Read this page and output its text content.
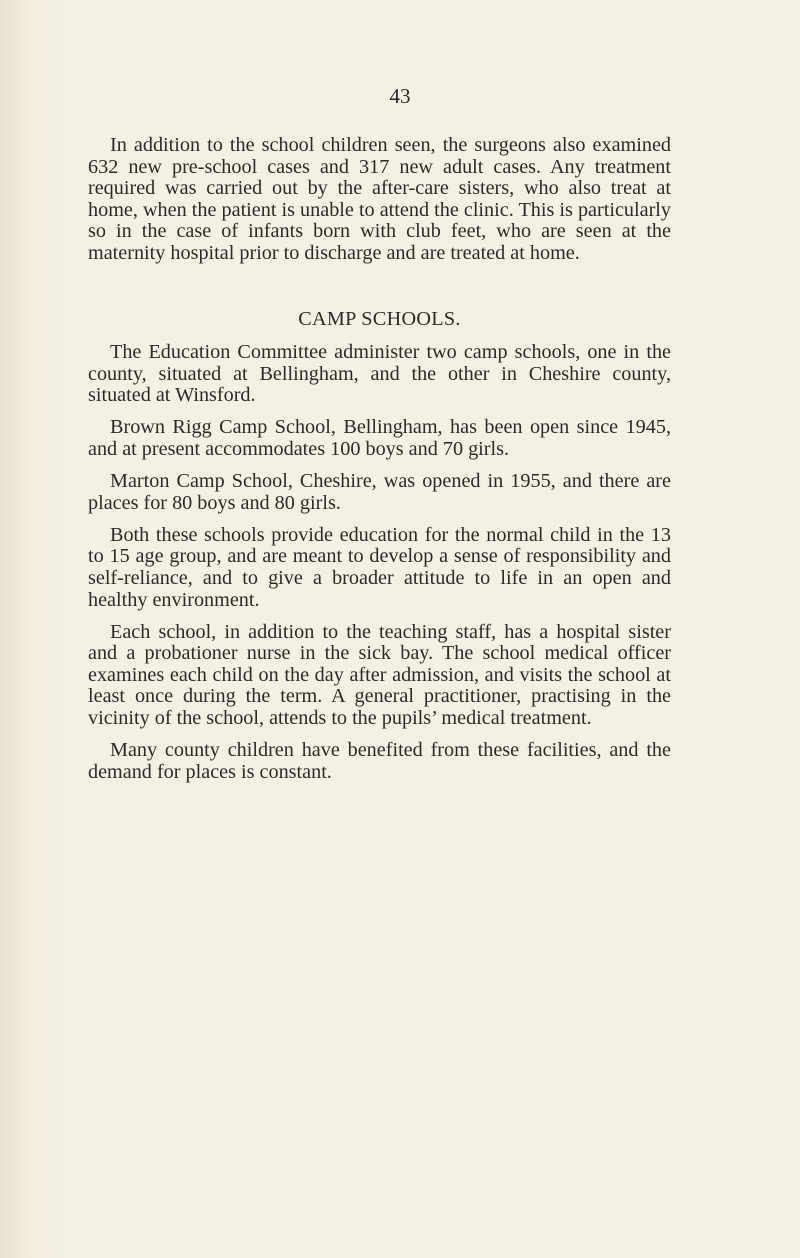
43

In addition to the school children seen, the surgeons also examined 632 new pre-school cases and 317 new adult cases. Any treatment required was carried out by the after-care sisters, who also treat at home, when the patient is unable to attend the clinic. This is particularly so in the case of infants born with club feet, who are seen at the maternity hospital prior to discharge and are treated at home.

CAMP SCHOOLS.

The Education Committee administer two camp schools, one in the county, situated at Bellingham, and the other in Cheshire county, situated at Winsford.

Brown Rigg Camp School, Bellingham, has been open since 1945, and at present accommodates 100 boys and 70 girls.

Marton Camp School, Cheshire, was opened in 1955, and there are places for 80 boys and 80 girls.

Both these schools provide education for the normal child in the 13 to 15 age group, and are meant to develop a sense of responsibility and self-reliance, and to give a broader attitude to life in an open and healthy environment.

Each school, in addition to the teaching staff, has a hospital sister and a probationer nurse in the sick bay. The school medical officer examines each child on the day after admission, and visits the school at least once during the term. A general practitioner, practising in the vicinity of the school, attends to the pupils’ medical treatment.

Many county children have benefited from these facilities, and the demand for places is constant.
